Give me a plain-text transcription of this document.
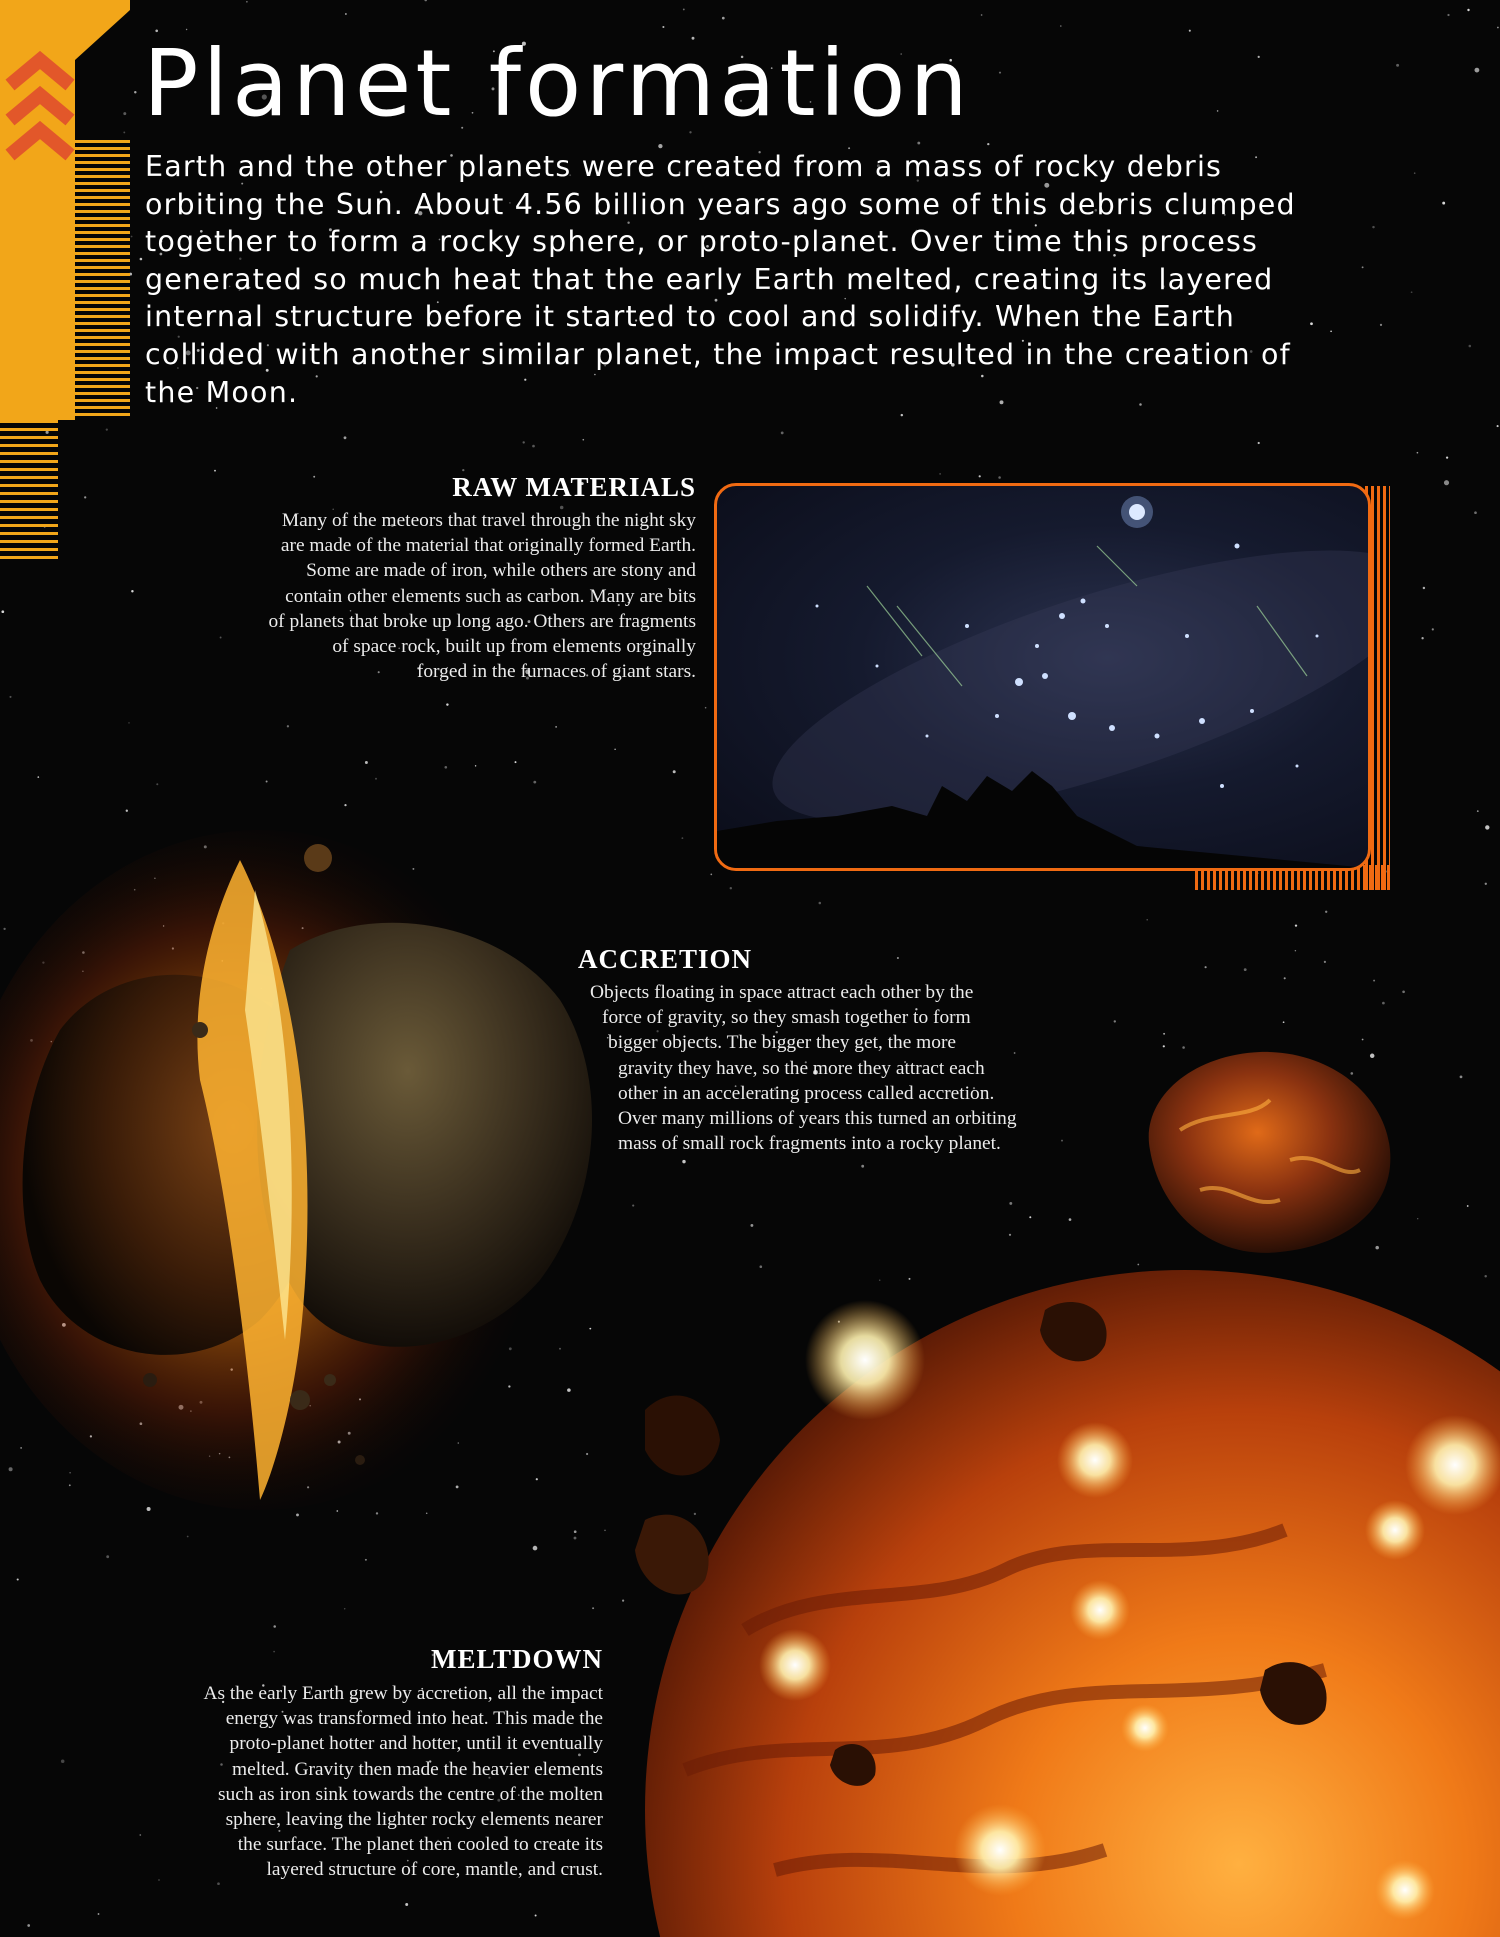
Planet formation

Earth and the other planets were created from a mass of rocky debris orbiting the Sun. About 4.56 billion years ago some of this debris clumped together to form a rocky sphere, or proto-planet. Over time this process generated so much heat that the early Earth melted, creating its layered internal structure before it started to cool and solidify. When the Earth collided with another similar planet, the impact resulted in the creation of the Moon.

RAW MATERIALS
Many of the meteors that travel through the night sky
are made of the material that originally formed Earth.
Some are made of iron, while others are stony and
contain other elements such as carbon. Many are bits
of planets that broke up long ago. Others are fragments
of space rock, built up from elements orginally
forged in the furnaces of giant stars.
ACCRETION
Objects floating in space attract each other by the
force of gravity, so they smash together to form
bigger objects. The bigger they get, the more
gravity they have, so the more they attract each
other in an accelerating process called accretion.
Over many millions of years this turned an orbiting
mass of small rock fragments into a rocky planet.
MELTDOWN
As the early Earth grew by accretion, all the impact
energy was transformed into heat. This made the
proto-planet hotter and hotter, until it eventually
melted. Gravity then made the heavier elements
such as iron sink towards the centre of the molten
sphere, leaving the lighter rocky elements nearer
the surface. The planet then cooled to create its
layered structure of core, mantle, and crust.
